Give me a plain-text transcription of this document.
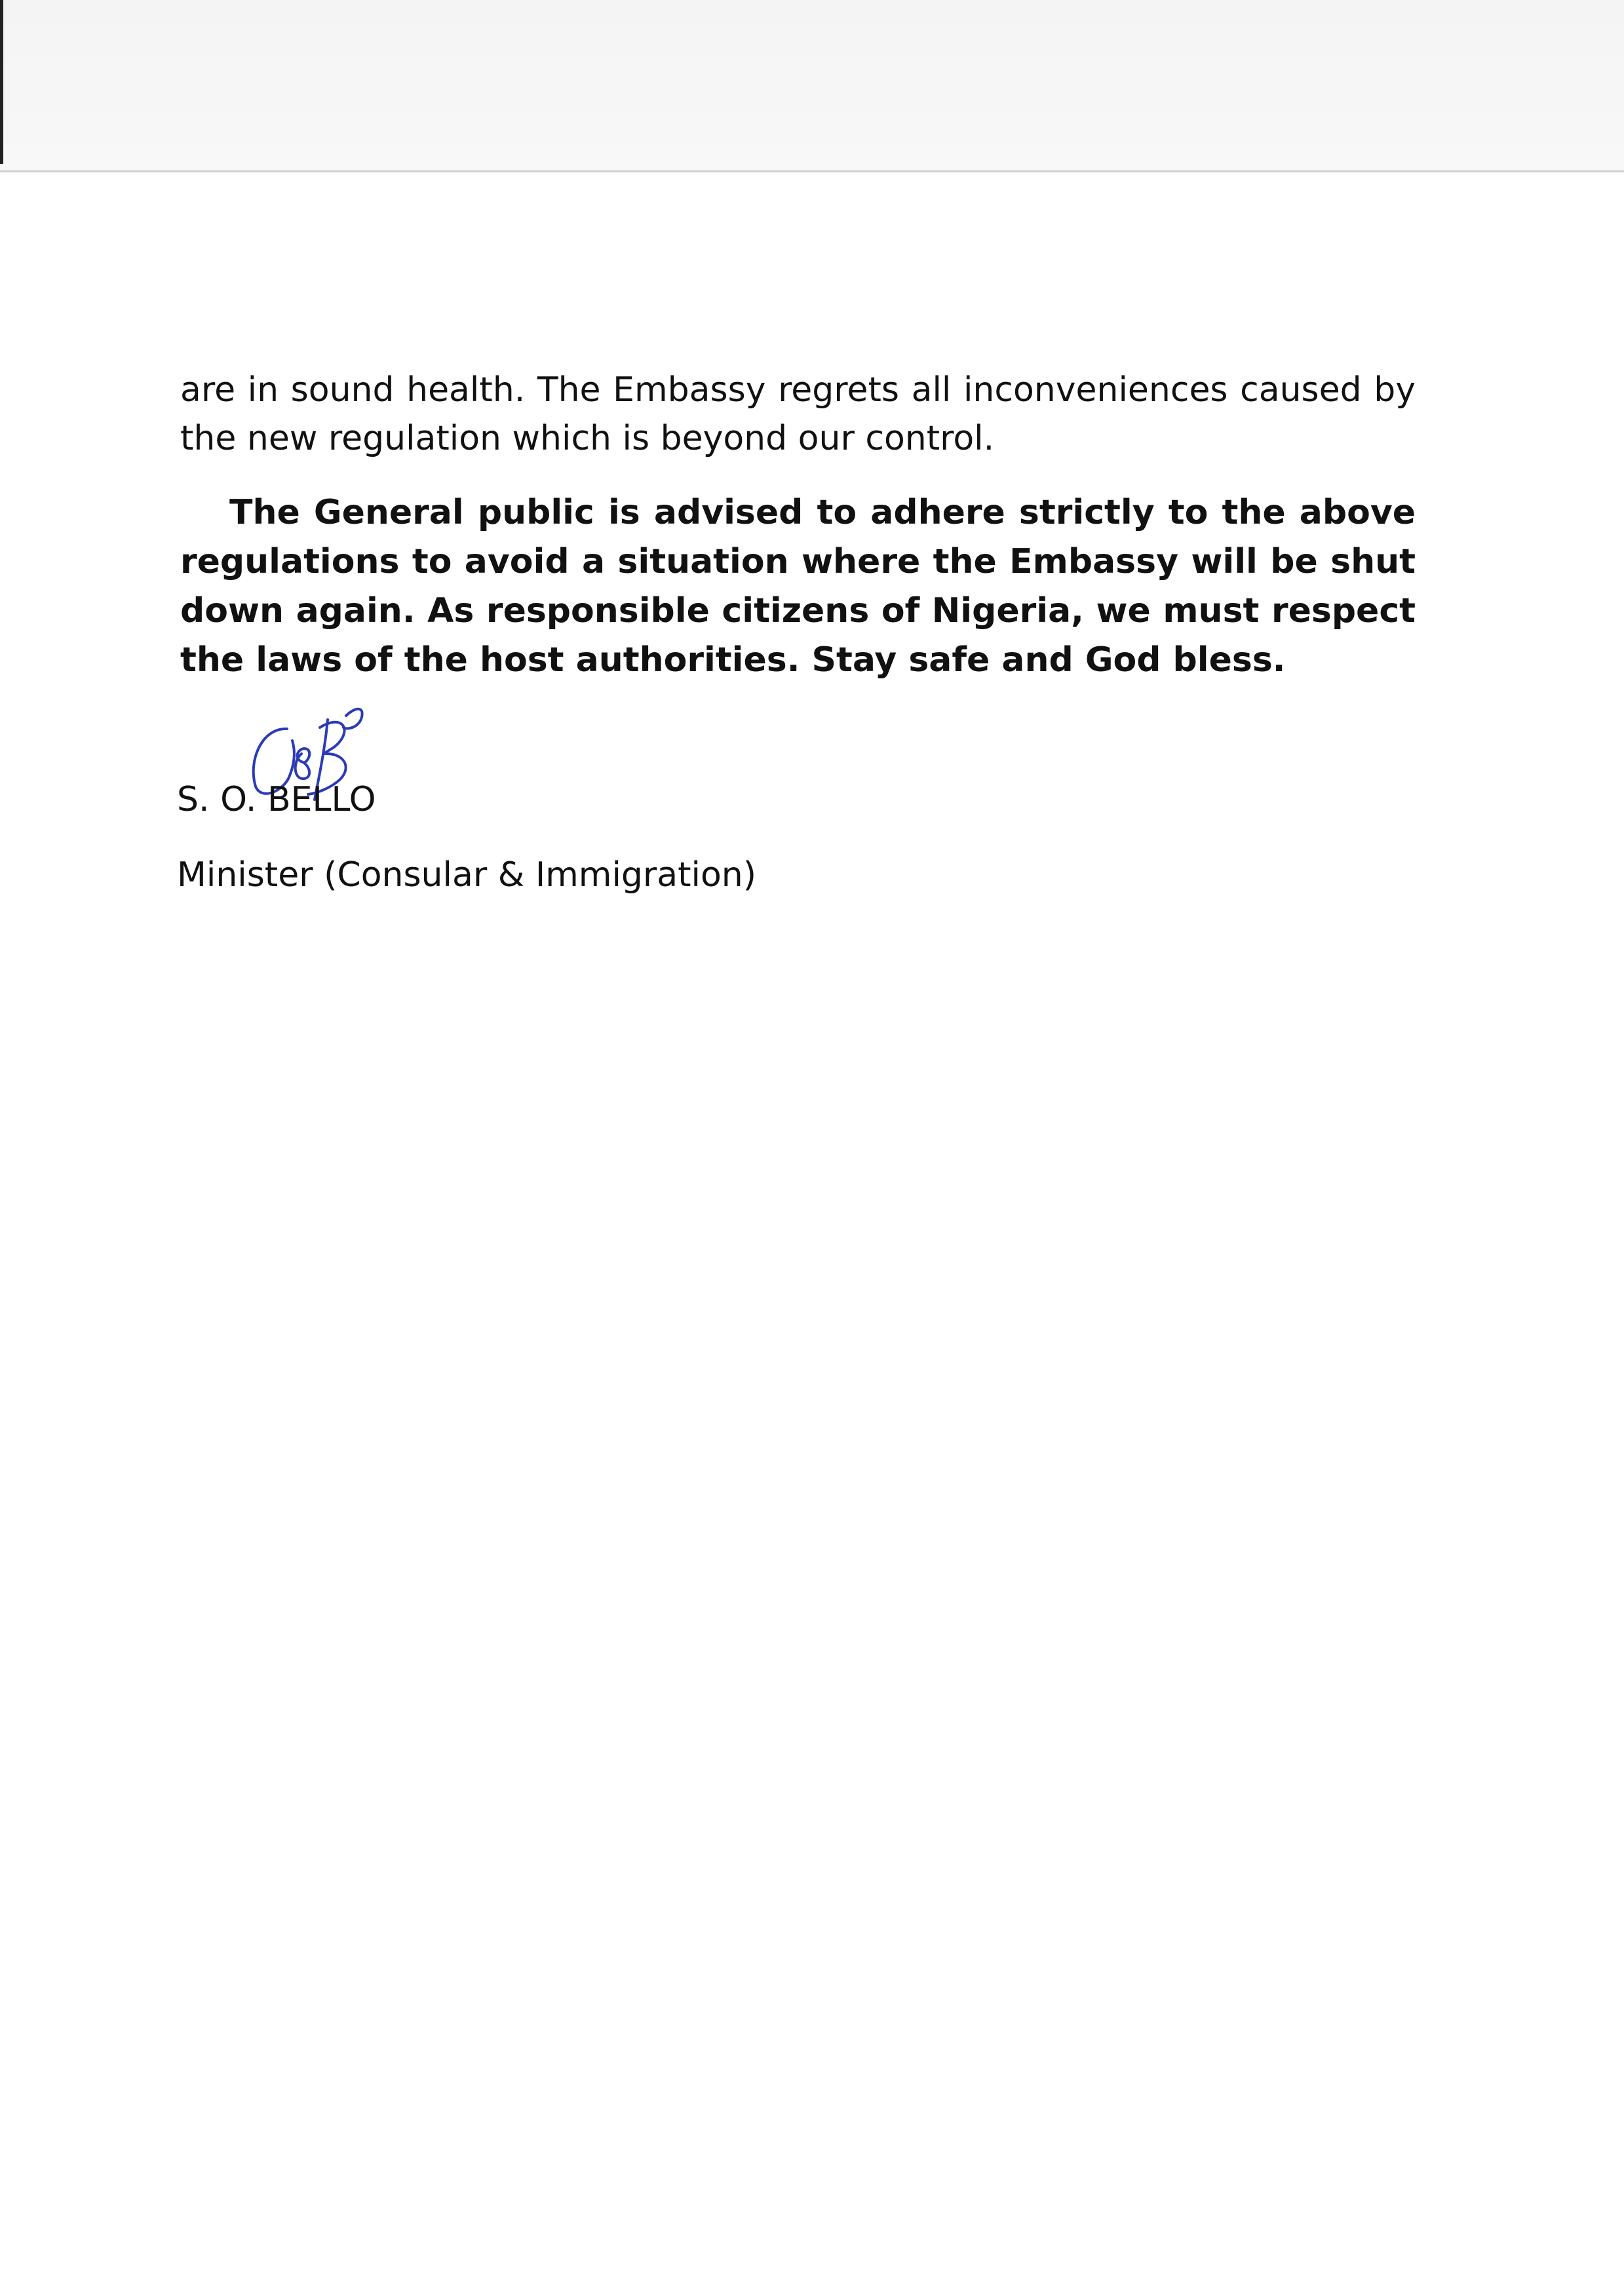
are in sound health. The Embassy regrets all inconveniences caused by the new regulation which is beyond our control.

The General public is advised to adhere strictly to the above regulations to avoid a situation where the Embassy will be shut down again. As responsible citizens of Nigeria, we must respect the laws of the host authorities. Stay safe and God bless.

S. O. BELLO

Minister (Consular & Immigration)
